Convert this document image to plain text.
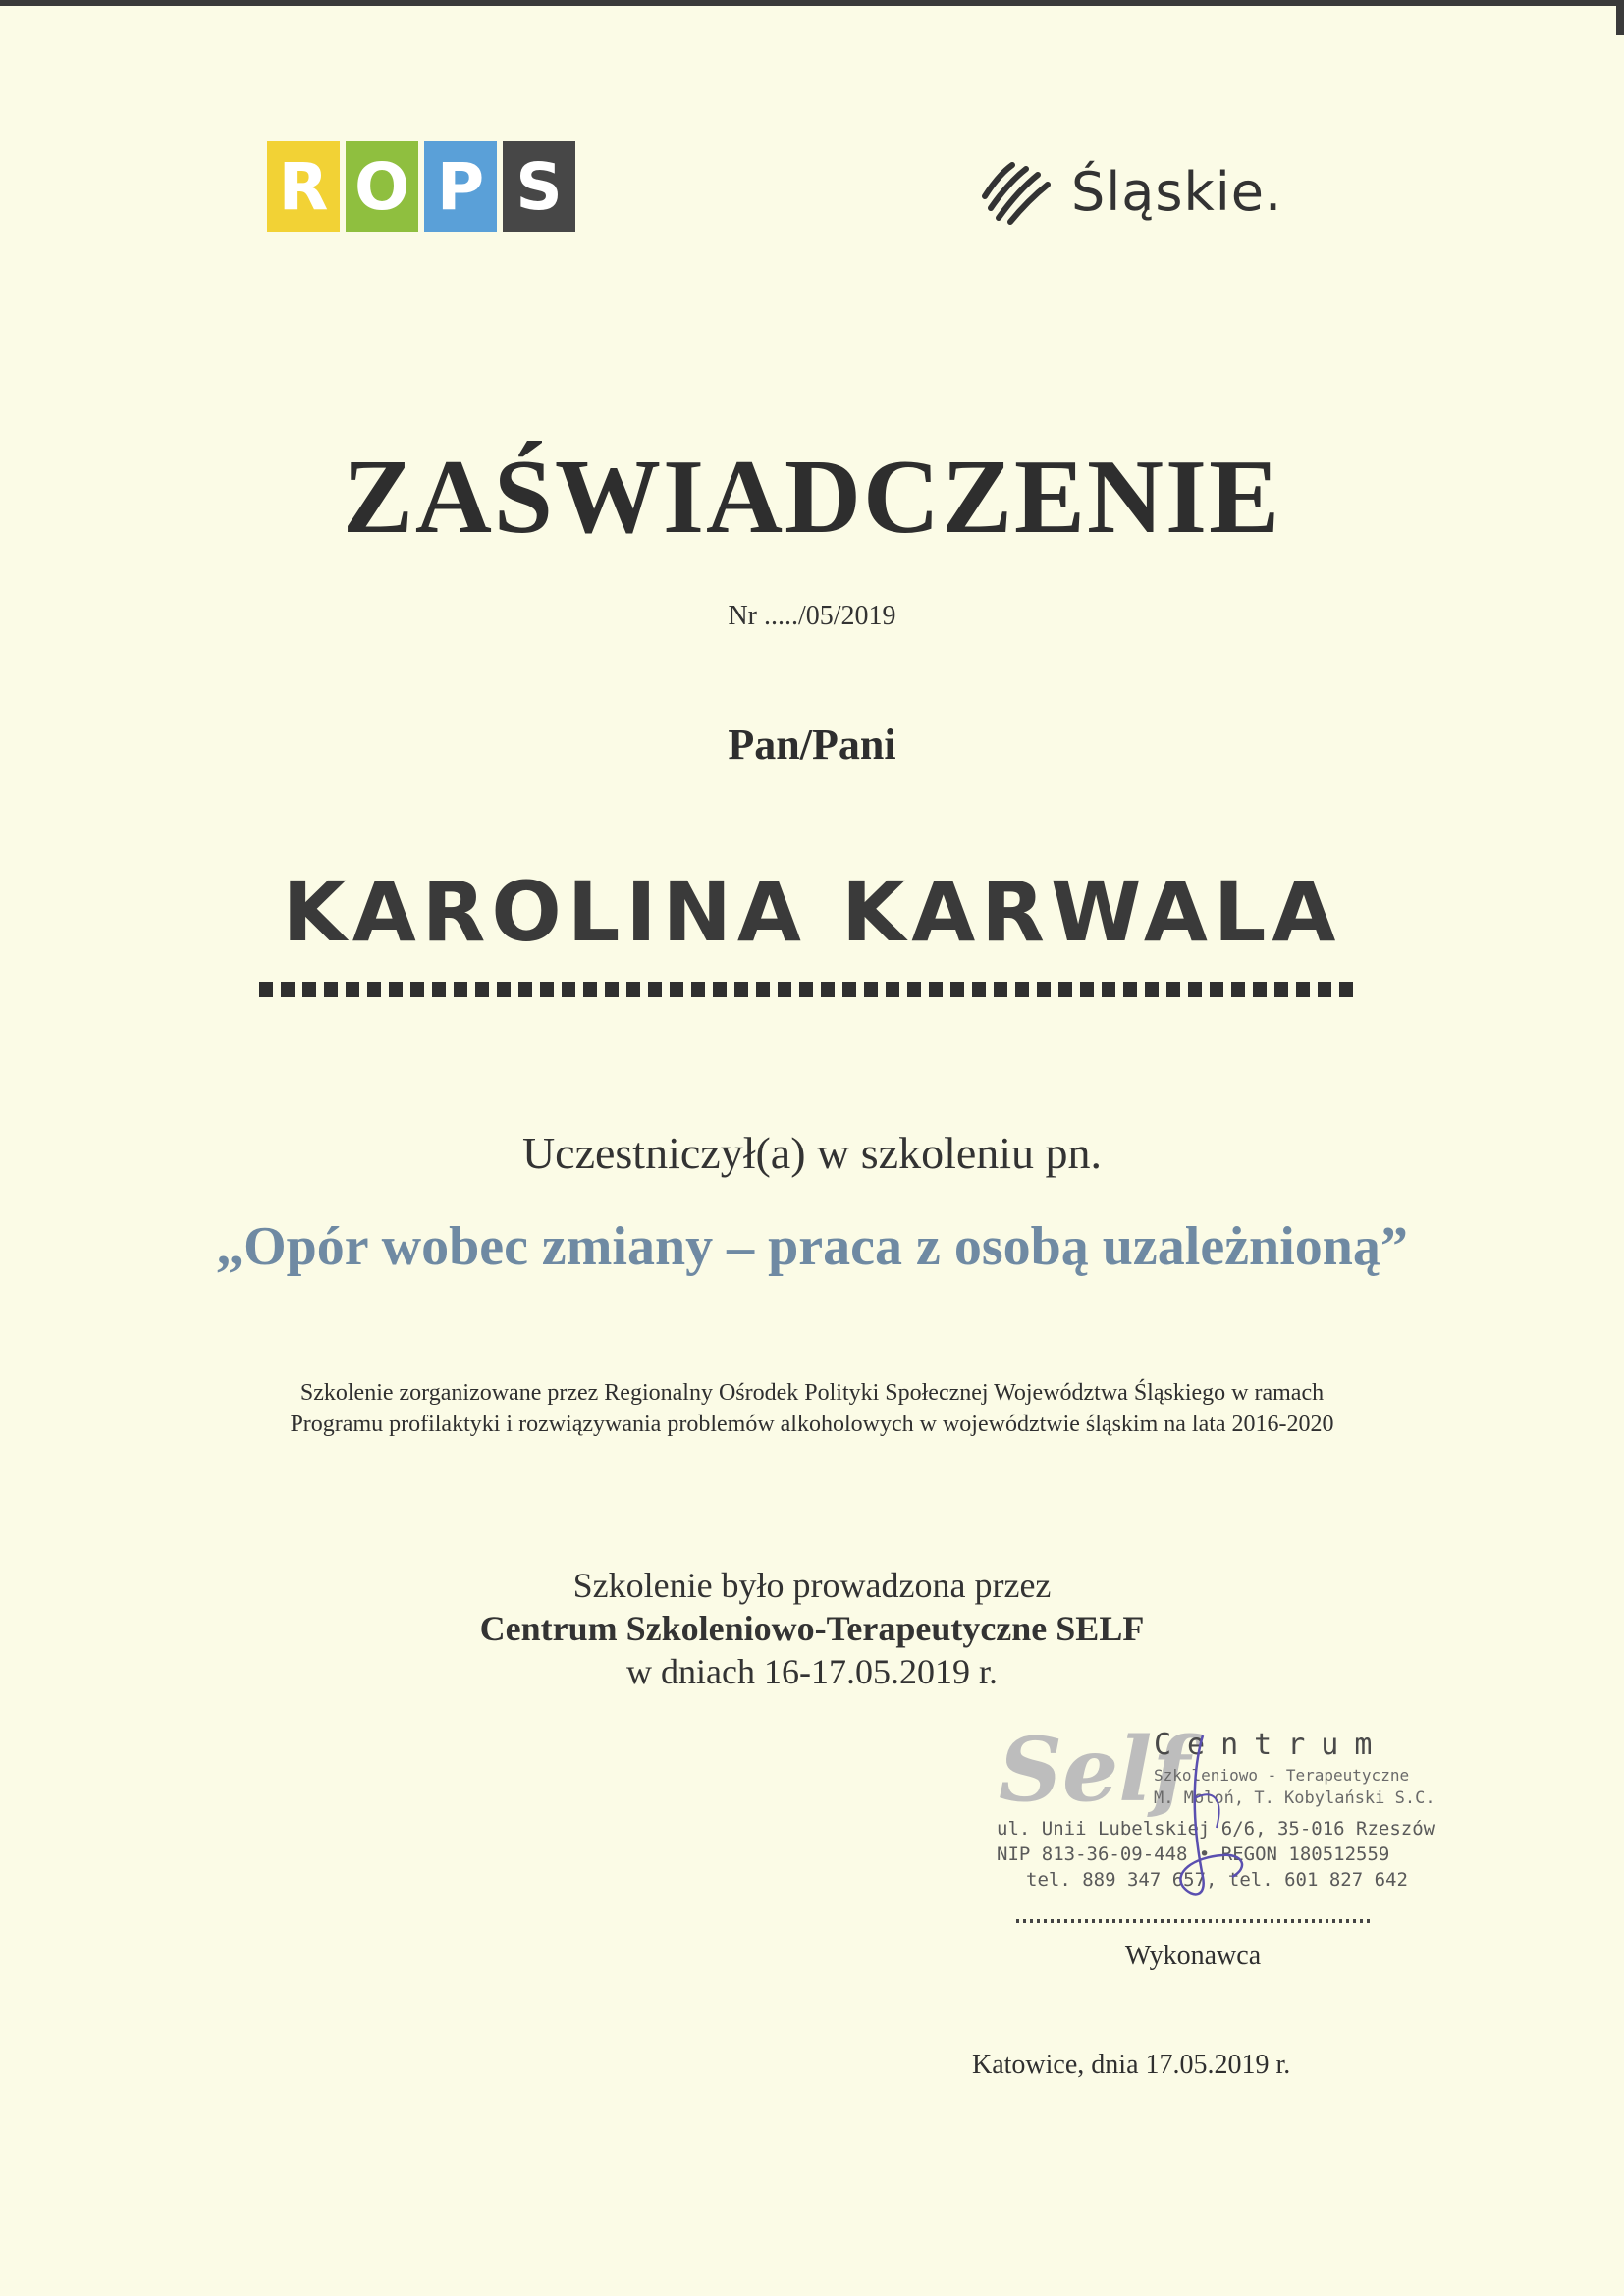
R O P S	Śląskie.
ZAŚWIADCZENIE
Nr ...../05/2019
Pan/Pani
KAROLINA KARWALA
Uczestniczył(a) w szkoleniu pn.
„Opór wobec zmiany – praca z osobą uzależnioną”
Szkolenie zorganizowane przez Regionalny Ośrodek Polityki Społecznej Województwa Śląskiego w ramach
Programu profilaktyki i rozwiązywania problemów alkoholowych w województwie śląskim na lata 2016-2020
Szkolenie było prowadzona przez
Centrum Szkoleniowo-Terapeutyczne SELF
w dniach 16-17.05.2019 r.
Self
Centrum
Szkoleniowo - Terapeutyczne
M. Moloń, T. Kobylański S.C.
ul. Unii Lubelskiej 6/6, 35-016 Rzeszów
NIP 813-36-09-448 • REGON 180512559
tel. 889 347 657, tel. 601 827 642
Wykonawca
Katowice, dnia 17.05.2019 r.
